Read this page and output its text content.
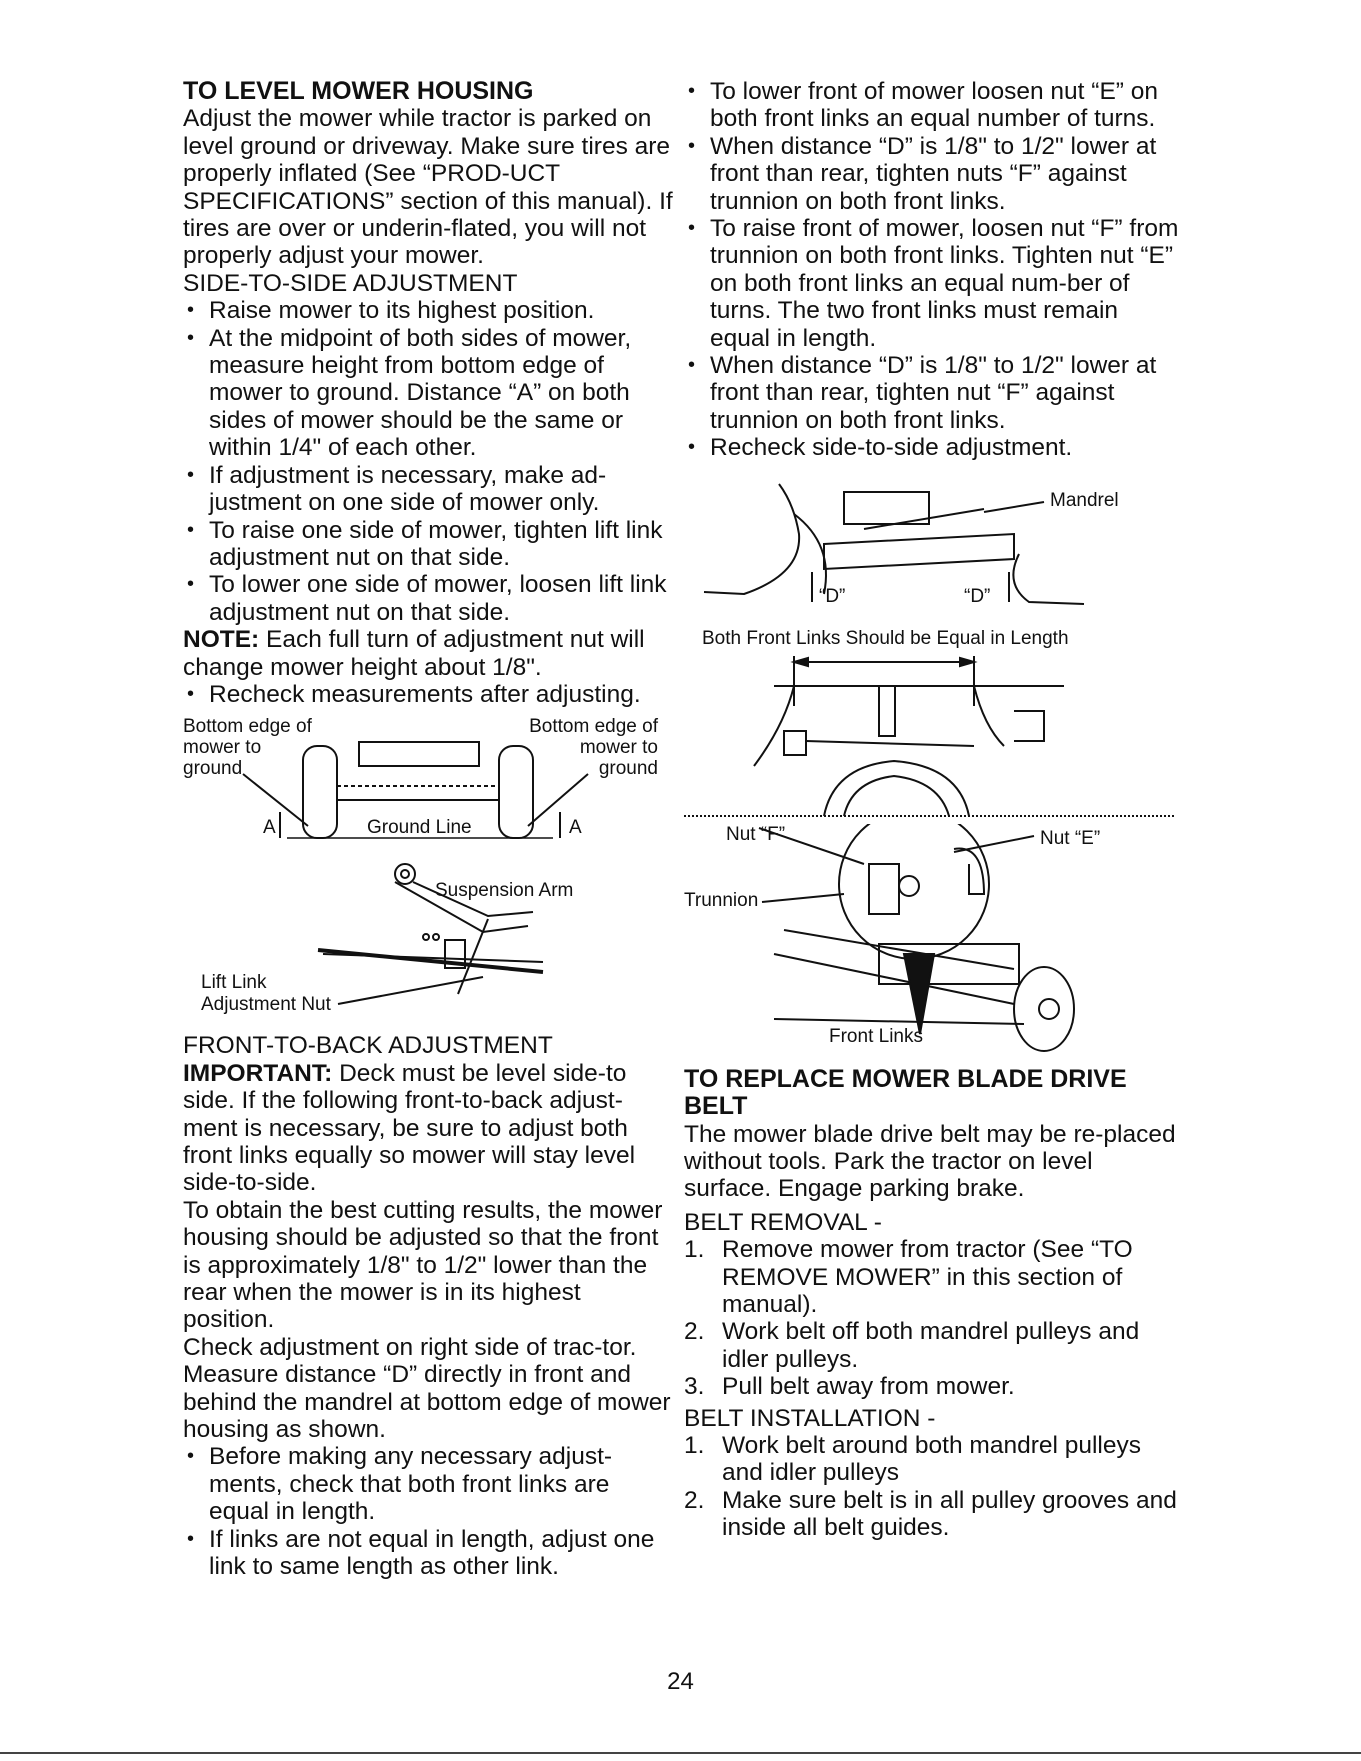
TO LEVEL MOWER HOUSING

Adjust the mower while tractor is parked on level ground or driveway. Make sure tires are properly inflated (See “PROD-UCT SPECIFICATIONS” section of this manual). If tires are over or underin-flated, you will not properly adjust your mower.

SIDE-TO-SIDE ADJUSTMENT

• Raise mower to its highest position.
• At the midpoint of both sides of mower, measure height from bottom edge of mower to ground. Distance “A” on both sides of mower should be the same or within 1/4" of each other.
• If adjustment is necessary, make ad-justment on one side of mower only.
• To raise one side of mower, tighten lift link adjustment nut on that side.
• To lower one side of mower, loosen lift link adjustment nut on that side.

NOTE: Each full turn of adjustment nut will change mower height about 1/8".

• Recheck measurements after adjusting.
Bottom edge of mower to ground
Bottom edge of mower to ground
A	A
Ground Line
Suspension Arm
Lift Link
Adjustment Nut

FRONT-TO-BACK ADJUSTMENT

IMPORTANT: Deck must be level side-to side. If the following front-to-back adjust-ment is necessary, be sure to adjust both front links equally so mower will stay level side-to-side.

To obtain the best cutting results, the mower housing should be adjusted so that the front is approximately 1/8" to 1/2" lower than the rear when the mower is in its highest position.

Check adjustment on right side of trac-tor. Measure distance “D” directly in front and behind the mandrel at bottom edge of mower housing as shown.

• Before making any necessary adjust-ments, check that both front links are equal in length.
• If links are not equal in length, adjust one link to same length as other link.
• To lower front of mower loosen nut “E” on both front links an equal number of turns.
• When distance “D” is 1/8" to 1/2" lower at front than rear, tighten nuts “F” against trunnion on both front links.
• To raise front of mower, loosen nut “F” from trunnion on both front links. Tighten nut “E” on both front links an equal num-ber of turns. The two front links must remain equal in length.
• When distance “D” is 1/8" to 1/2" lower at front than rear, tighten nut “F” against trunnion on both front links.
• Recheck side-to-side adjustment.
Mandrel
“D”	“D”
Both Front Links Should be Equal in Length
Nut “F”	Nut “E”
Trunnion
Front Links
TO REPLACE MOWER BLADE DRIVE BELT

The mower blade drive belt may be re-placed without tools. Park the tractor on level surface. Engage parking brake.

BELT REMOVAL -

1. Remove mower from tractor (See “TO REMOVE MOWER” in this section of manual).
2. Work belt off both mandrel pulleys and idler pulleys.
3. Pull belt away from mower.

BELT INSTALLATION -

1. Work belt around both mandrel pulleys and idler pulleys
2. Make sure belt is in all pulley grooves and inside all belt guides.
24
